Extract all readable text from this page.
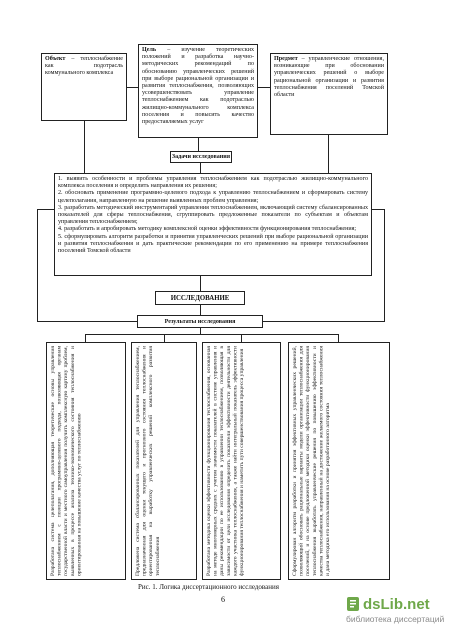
Объект – теплоснабжение как подотрасль коммунального комплекса
Цель – изучение теоретических положений и разработка научно-методических рекомендаций по обоснованию управленческих решений при выборе рациональной организации и развития теплоснабжения, позволяющих усовершенствовать управление теплоснабжением как подотраслью жилищно-коммунального комплекса поселения и повысить качество предоставляемых услуг
Предмет – управленческие отношения, возникающие при обосновании управленческих решений о выборе рациональной организации и развития теплоснабжения поселений Томской области
Задачи исследования
1. выявить особенности и проблемы управления теплоснабжением как подотраслью жилищно-коммунального комплекса поселения и определить направления их решения;
2. обосновать применение программно-целевого подхода к управлению теплоснабжением и сформировать систему целеполагания, направленную на решение выявленных проблем управления;
3. разработать методический инструментарий управления теплоснабжением, включающий систему сбалансированных показателей для сферы теплоснабжения, сгруппировать предложенные показатели по субъектам и объектам управления теплоснабжением;
4. разработать и апробировать методику комплексной оценки эффективности функционирования теплоснабжения;
5. сформулировать алгоритм разработки и принятия управленческих решений при выборе рациональной организации и развития теплоснабжения и дать практические рекомендации по его применению на примере теплоснабжения поселений Томской области
ИССЛЕДОВАНИЕ
Результаты исследования
Разработана система целеполагания, дополняющая теоретические основы управления теплоснабжением с позиции программно-целевого подхода, позволяющая органам государственной власти и местного самоуправления получить комплексную картину проблем, выявленных в процессе анализа технико-экономического состояния теплоснабжения и ориентированная на повышение качества услуг по теплоснабжению	Предложена система сбалансированных показателей для управления теплоснабжением, предназначенная для оценки текущего и прогнозного состояния теплоснабжения и ориентированная на выработку управленческих решений комплексного развития теплоснабжения	Разработана методика оценки эффективности функционирования теплоснабжения, основанная на методе многомерных средних с учетом значимости показателей в системе управления и даны рекомендации по ее использованию в управлении теплоснабжением, позволяющая в зависимости от цели исследования определить показатели эффективности деятельности для каждого участника теплоснабжения, а также найти интегральный показатель эффективности функционирования теплоснабжения и наметить пути совершенствования процесса управления	Сформулирован алгоритм разработки и принятия эффективных управленческих решений, позволяющий обосновать рациональные варианты модели организации теплоснабжения для поселений, и на основе предложенной методики оценки эффективности функционирования теплоснабжения выработать управленческие решения по повышению эффективности и качества теплоснабжения, направленный на достижение желаемого состояния теплоснабжения и дана методика его использования на основе разработанного алгоритма
Рис. 1. Логика диссертационного исследования
6	dsLib.net
библиотека диссертаций
